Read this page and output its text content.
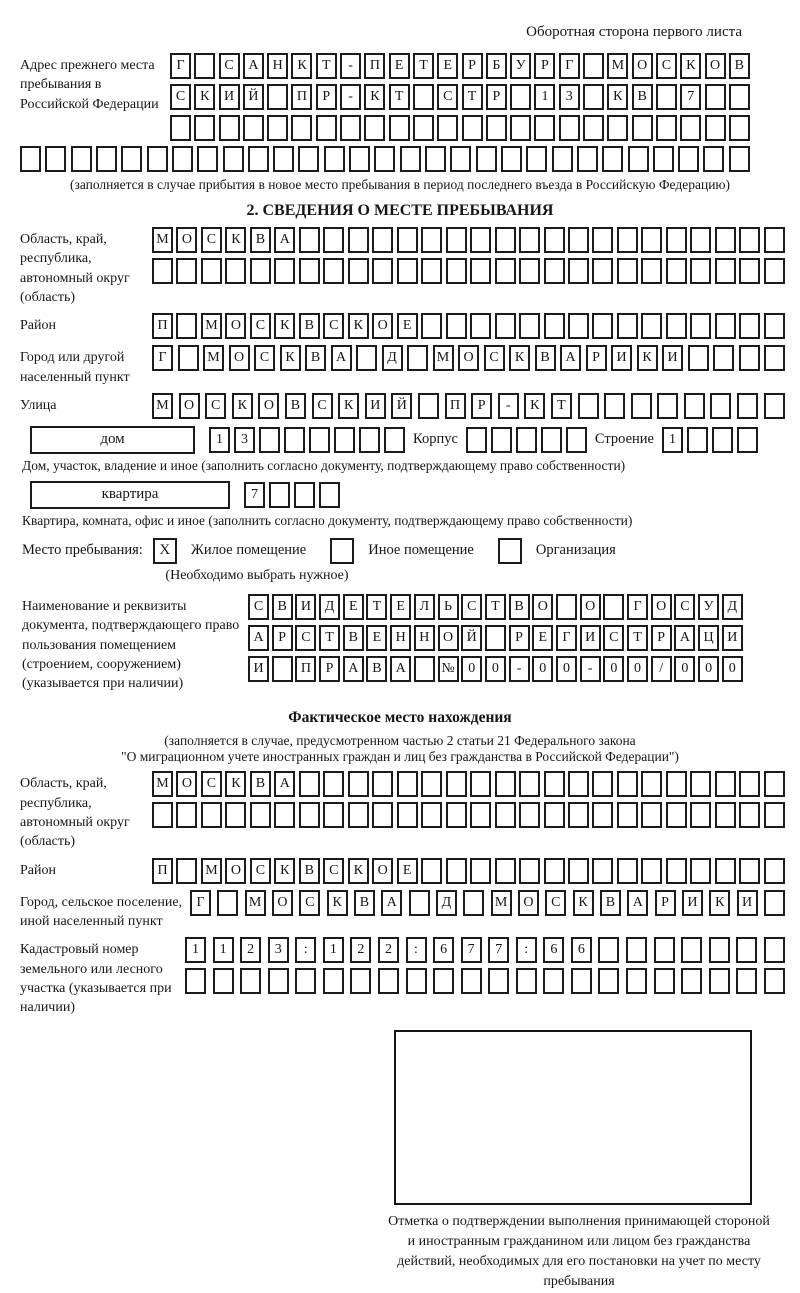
Оборотная сторона первого листа
Адрес прежнего места пребывания в Российской Федерации
Г	С	А	Н	К	Т	-	П	Е	Т	Е	Р	Б	У	Р	Г	М О	С	К	О	В
С	К	И	Й	П	Р	-	К	Т	С	Т	Р	1	3	К	В	7
(заполняется в случае прибытия в новое место пребывания в период последнего въезда в Российскую Федерацию)
2. СВЕДЕНИЯ О МЕСТЕ ПРЕБЫВАНИЯ
Область, край, республика, автономный округ (область)
М О	С	К	В	А
Район	П	М О	С	К	В	С	К	О	Е
Город или другой населенный пункт
Г	М	О	С	К	В	А	Д	М	О	С	К	В	А	Р	И	К	И
Улица	М	О	С	К	О	В	С	К	И	Й	П	Р	-	К	Т
дом	1	3	Корпус	Строение	1
Дом, участок, владение и иное (заполнить согласно документу, подтверждающему право собственности)
квартира	7
Квартира, комната, офис и иное (заполнить согласно документу, подтверждающему право собственности)
Место пребывания:	X	Жилое помещение	Иное помещение	Организация
(Необходимо выбрать нужное)
Наименование и реквизиты документа, подтверждающего право пользования помещением (строением, сооружением) (указывается при наличии)
С	В И Д	Е	Т	Е	Л	Ь	С	Т	В О	О	Г	О С	У Д
А	Р	С	Т	В	Е	Н Н О Й	Р	Е	Г	И С	Т	Р	А Ц И
И	П	Р	А В А	№ 0	0	-	0	0	-	0	0	/	0	0	0
Фактическое место нахождения
(заполняется в случае, предусмотренном частью 2 статьи 21 Федерального закона
"О миграционном учете иностранных граждан и лиц без гражданства в Российской Федерации")
Область, край, республика, автономный округ (область)
М О	С	К	В	А
Район	П	М О	С	К	В	С	К	О	Е
Город, сельское поселение, иной населенный пункт
Г	М	О	С	К	В	А	Д	М	О	С	К	В	А	Р	И	К	И
Кадастровый номер земельного или лесного участка (указывается при наличии)
1	1	2	3	:	1	2	2	:	6	7	7	:	6	6
Отметка о подтверждении выполнения принимающей стороной и иностранным гражданином или лицом без гражданства действий, необходимых для его постановки на учет по месту пребывания
